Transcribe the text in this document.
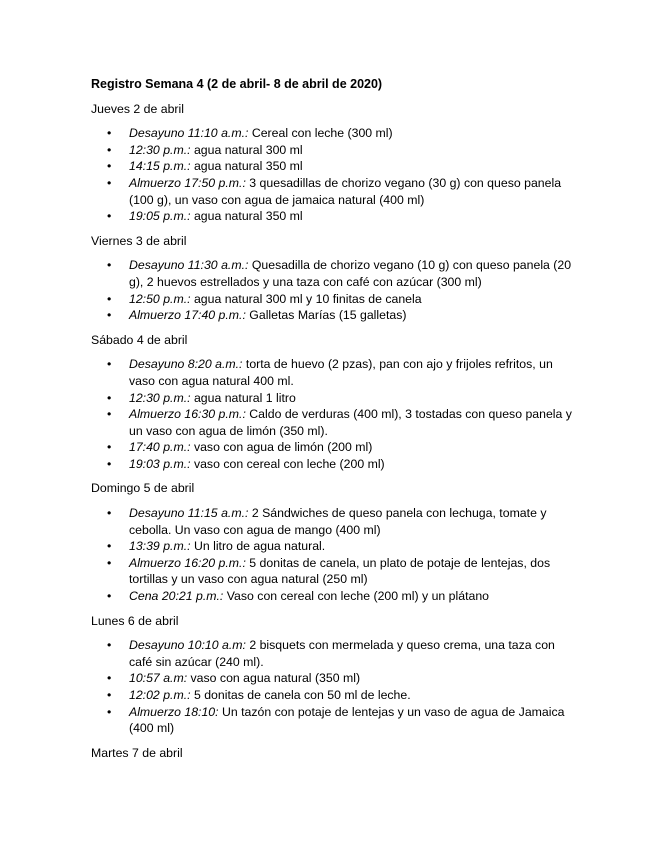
Registro Semana 4 (2 de abril- 8 de abril de 2020)
Jueves 2 de abril
• Desayuno 11:10 a.m.: Cereal con leche (300 ml)
• 12:30 p.m.: agua natural 300 ml
• 14:15 p.m.: agua natural 350 ml
• Almuerzo 17:50 p.m.: 3 quesadillas de chorizo vegano (30 g) con queso panela (100 g), un vaso con agua de jamaica natural (400 ml)
• 19:05 p.m.: agua natural 350 ml
Viernes 3 de abril
• Desayuno 11:30 a.m.: Quesadilla de chorizo vegano (10 g) con queso panela (20 g), 2 huevos estrellados y una taza con café con azúcar (300 ml)
• 12:50 p.m.: agua natural 300 ml y 10 finitas de canela
• Almuerzo 17:40 p.m.: Galletas Marías (15 galletas)
Sábado 4 de abril
• Desayuno 8:20 a.m.: torta de huevo (2 pzas), pan con ajo y frijoles refritos, un vaso con agua natural 400 ml.
• 12:30 p.m.: agua natural 1 litro
• Almuerzo 16:30 p.m.: Caldo de verduras (400 ml), 3 tostadas con queso panela y un vaso con agua de limón (350 ml).
• 17:40 p.m.: vaso con agua de limón (200 ml)
• 19:03 p.m.: vaso con cereal con leche (200 ml)
Domingo 5 de abril
• Desayuno 11:15 a.m.: 2 Sándwiches de queso panela con lechuga, tomate y cebolla. Un vaso con agua de mango (400 ml)
• 13:39 p.m.: Un litro de agua natural.
• Almuerzo 16:20 p.m.: 5 donitas de canela, un plato de potaje de lentejas, dos tortillas y un vaso con agua natural (250 ml)
• Cena 20:21 p.m.: Vaso con cereal con leche (200 ml) y un plátano
Lunes 6 de abril
• Desayuno 10:10 a.m: 2 bisquets con mermelada y queso crema, una taza con café sin azúcar (240 ml).
• 10:57 a.m: vaso con agua natural (350 ml)
• 12:02 p.m.: 5 donitas de canela con 50 ml de leche.
• Almuerzo 18:10: Un tazón con potaje de lentejas y un vaso de agua de Jamaica (400 ml)
Martes 7 de abril
